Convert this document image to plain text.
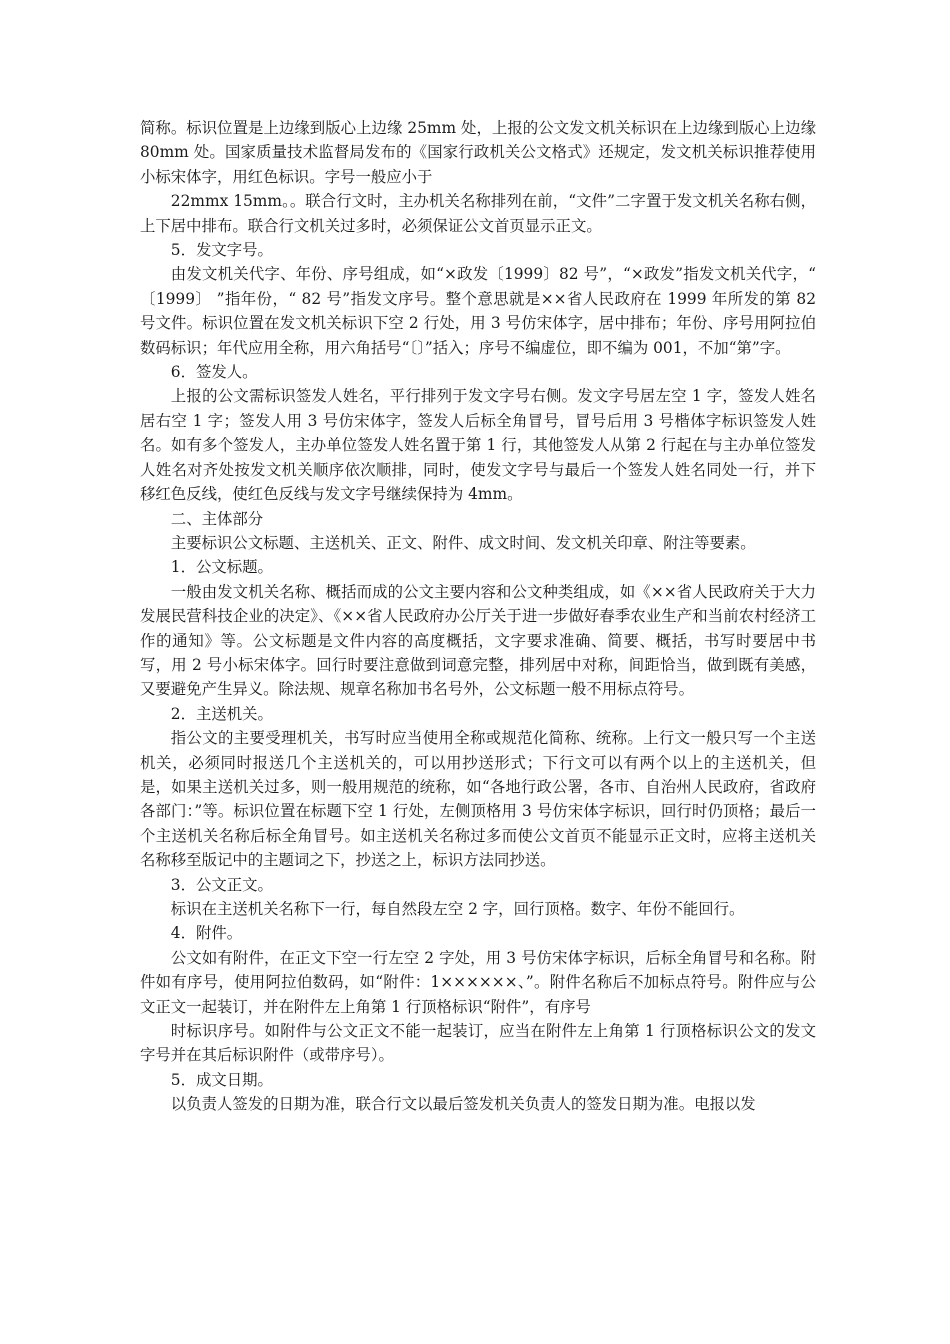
简称。标识位置是上边缘到版心上边缘 25mm 处，上报的公文发文机关标识在上边缘到版心上边缘 80mm 处。国家质量技术监督局发布的《国家行政机关公文格式》还规定，发文机关标识推荐使用小标宋体字，用红色标识。字号一般应小于

22mmx 15mm。。联合行文时，主办机关名称排列在前，“文件”二字置于发文机关名称右侧，上下居中排布。联合行文机关过多时，必须保证公文首页显示正文。

5．发文字号。

由发文机关代字、年份、序号组成，如“×政发〔1999〕82 号”，“×政发”指发文机关代字，“ 〔1999〕 ”指年份，“ 82 号”指发文序号。整个意思就是××省人民政府在 1999 年所发的第 82 号文件。标识位置在发文机关标识下空 2 行处，用 3 号仿宋体字，居中排布；年份、序号用阿拉伯数码标识；年代应用全称，用六角括号“〔〕”括入；序号不编虚位，即不编为 001，不加“第”字。

6．签发人。

上报的公文需标识签发人姓名，平行排列于发文字号右侧。发文字号居左空 1 字，签发人姓名居右空 1 字；签发人用 3 号仿宋体字，签发人后标全角冒号，冒号后用 3 号楷体字标识签发人姓名。如有多个签发人，主办单位签发人姓名置于第 1 行，其他签发人从第 2 行起在与主办单位签发人姓名对齐处按发文机关顺序依次顺排，同时，使发文字号与最后一个签发人姓名同处一行，并下移红色反线，使红色反线与发文字号继续保持为 4mm。

二、主体部分

主要标识公文标题、主送机关、正文、附件、成文时间、发文机关印章、附注等要素。

1．公文标题。

一般由发文机关名称、概括而成的公文主要内容和公文种类组成，如《××省人民政府关于大力发展民营科技企业的决定》、《××省人民政府办公厅关于进一步做好春季农业生产和当前农村经济工作的通知》等。公文标题是文件内容的高度概括，文字要求准确、简要、概括，书写时要居中书写，用 2 号小标宋体字。回行时要注意做到词意完整，排列居中对称，间距恰当，做到既有美感，又要避免产生异义。除法规、规章名称加书名号外，公文标题一般不用标点符号。

2．主送机关。

指公文的主要受理机关，书写时应当使用全称或规范化简称、统称。上行文一般只写一个主送机关，必须同时报送几个主送机关的，可以用抄送形式；下行文可以有两个以上的主送机关，但是，如果主送机关过多，则一般用规范的统称，如“各地行政公署，各市、自治州人民政府，省政府各部门：”等。标识位置在标题下空 1 行处，左侧顶格用 3 号仿宋体字标识，回行时仍顶格；最后一个主送机关名称后标全角冒号。如主送机关名称过多而使公文首页不能显示正文时，应将主送机关名称移至版记中的主题词之下，抄送之上，标识方法同抄送。

3．公文正文。

标识在主送机关名称下一行，每自然段左空 2 字，回行顶格。数字、年份不能回行。

4．附件。

公文如有附件，在正文下空一行左空 2 字处，用 3 号仿宋体字标识，后标全角冒号和名称。附件如有序号，使用阿拉伯数码，如“附件：1××××××、”。附件名称后不加标点符号。附件应与公文正文一起装订，并在附件左上角第 1 行顶格标识“附件”，有序号

时标识序号。如附件与公文正文不能一起装订，应当在附件左上角第 1 行顶格标识公文的发文字号并在其后标识附件（或带序号）。

5．成文日期。

以负责人签发的日期为准，联合行文以最后签发机关负责人的签发日期为准。电报以发
